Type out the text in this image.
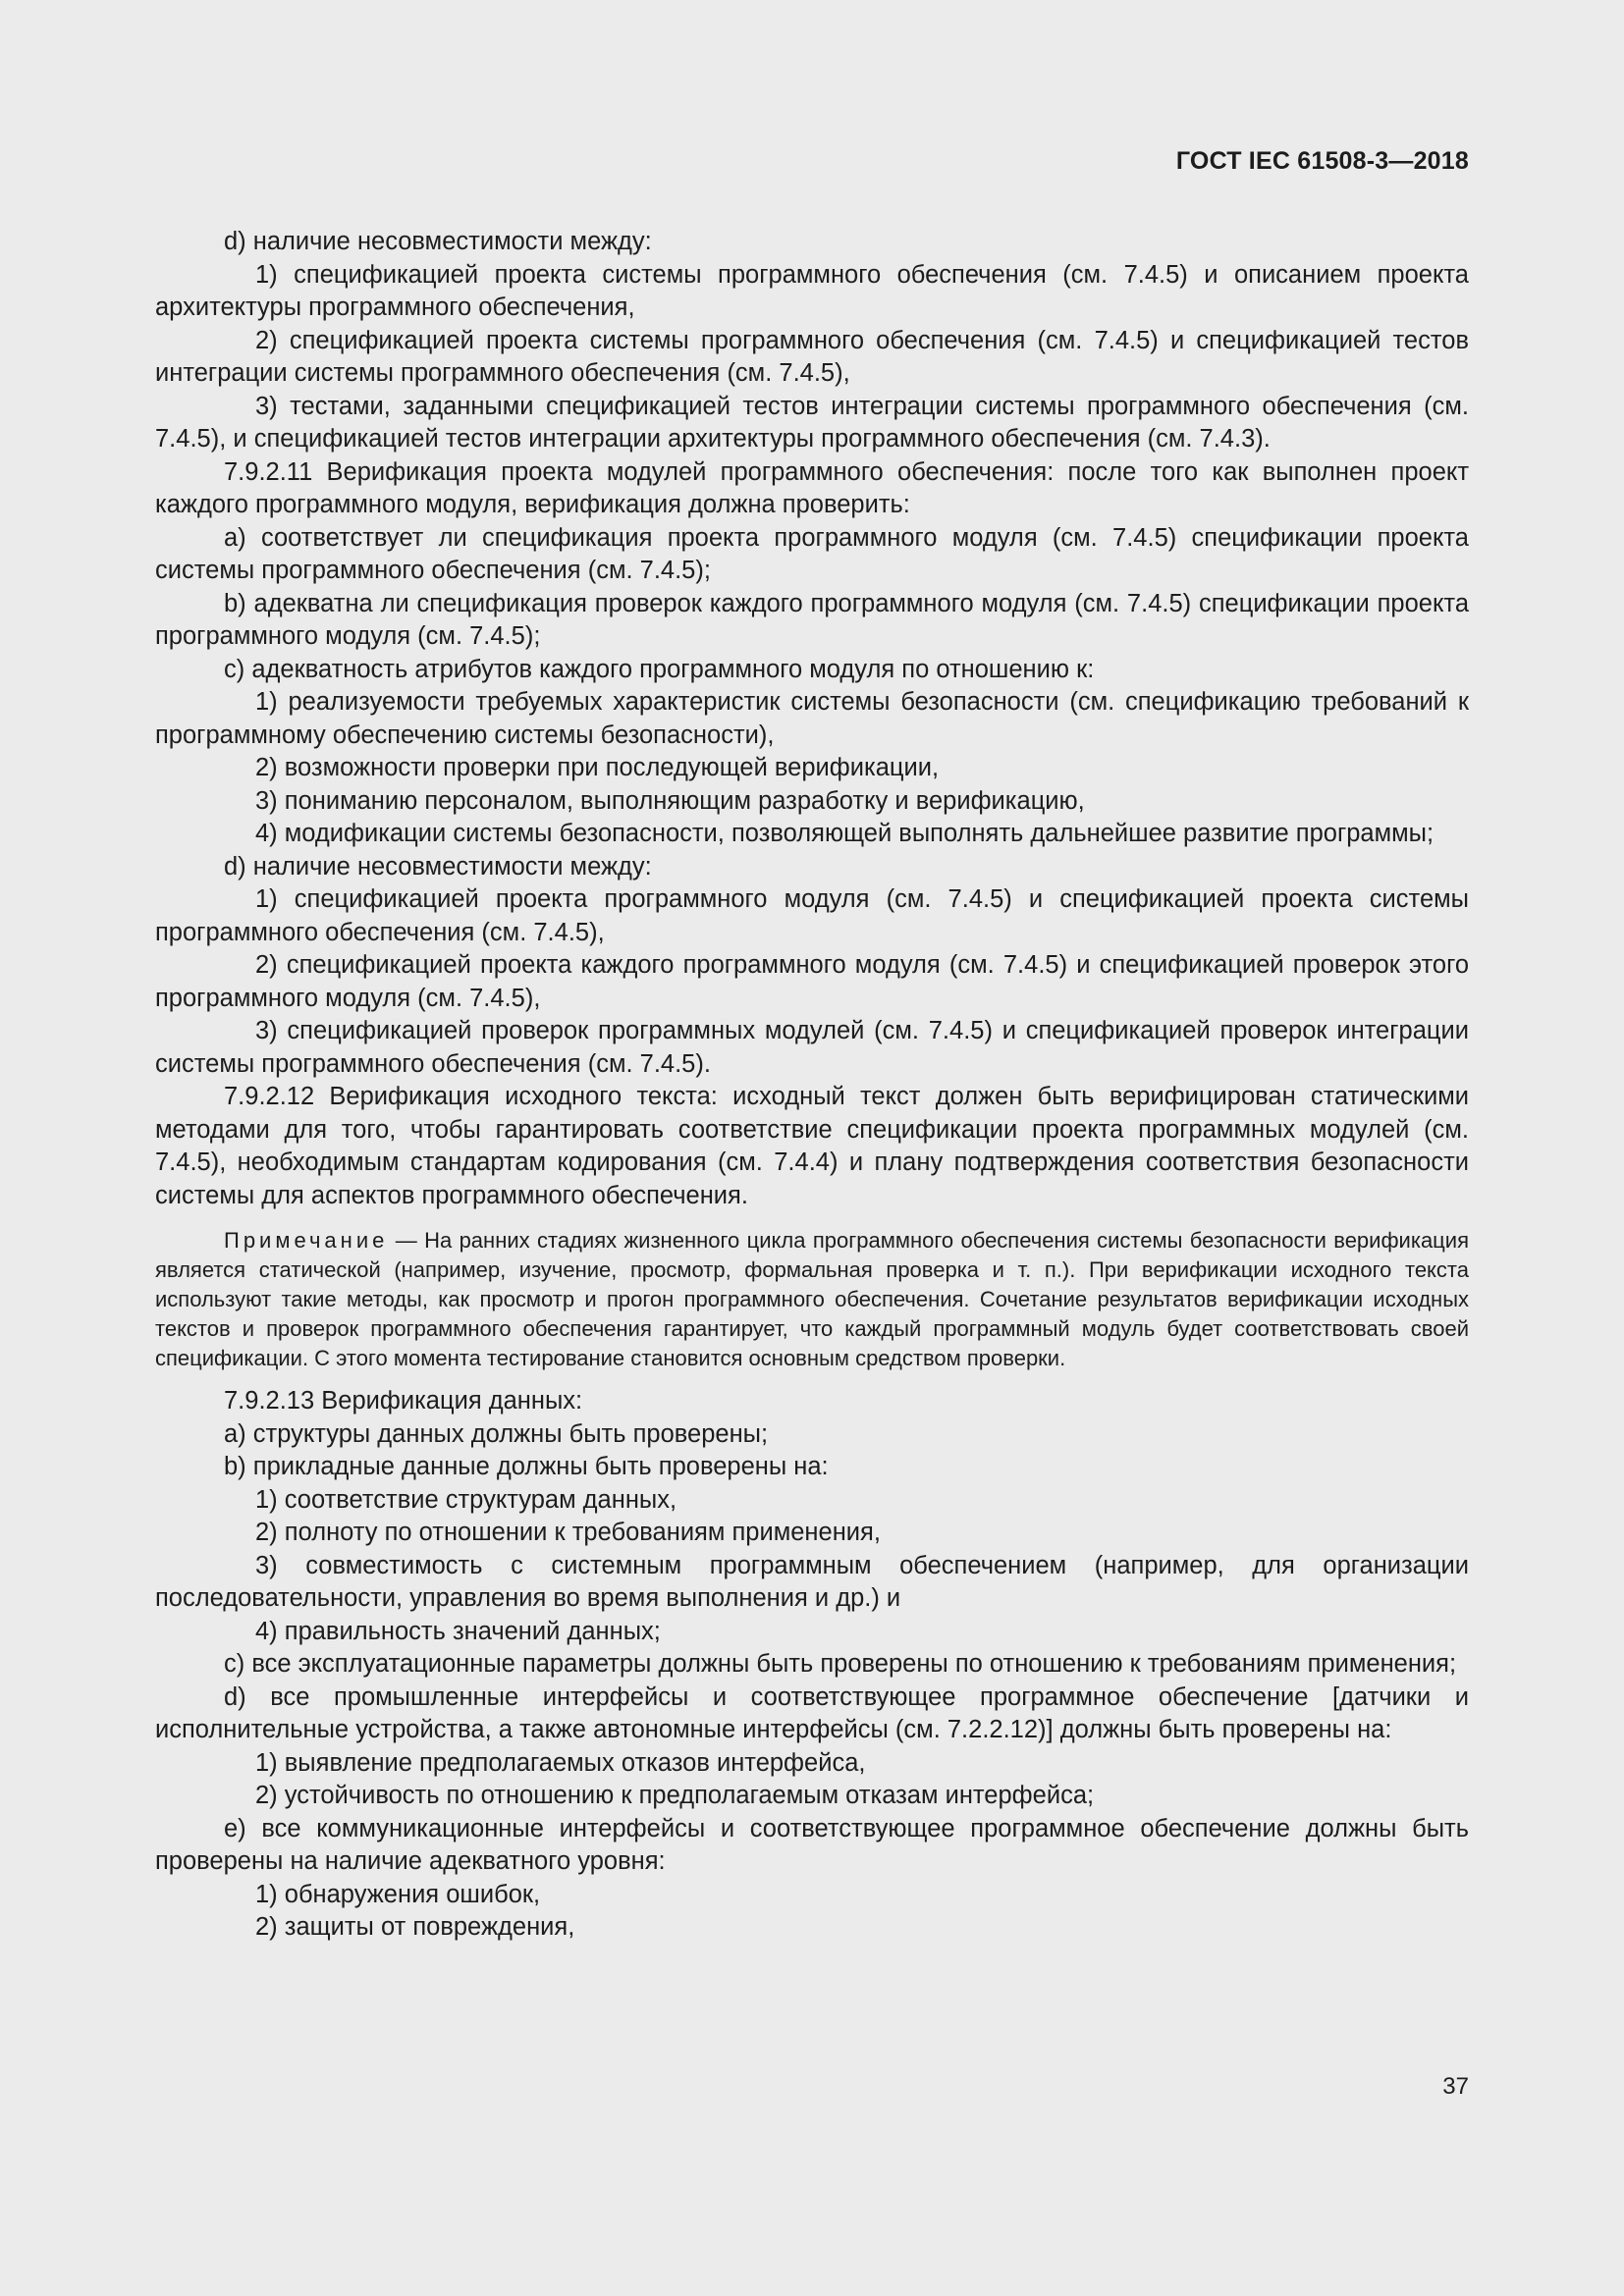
ГОСТ IEC 61508-3—2018

d) наличие несовместимости между:

1) спецификацией проекта системы программного обеспечения (см. 7.4.5) и описанием проекта архитектуры программного обеспечения,

2) спецификацией проекта системы программного обеспечения (см. 7.4.5) и спецификацией тестов интеграции системы программного обеспечения (см. 7.4.5),

3) тестами, заданными спецификацией тестов интеграции системы программного обеспечения (см. 7.4.5), и спецификацией тестов интеграции архитектуры программного обеспечения (см. 7.4.3).

7.9.2.11 Верификация проекта модулей программного обеспечения: после того как выполнен проект каждого программного модуля, верификация должна проверить:

a) соответствует ли спецификация проекта программного модуля (см. 7.4.5) спецификации проекта системы программного обеспечения (см. 7.4.5);

b) адекватна ли спецификация проверок каждого программного модуля (см. 7.4.5) спецификации проекта программного модуля (см. 7.4.5);

c) адекватность атрибутов каждого программного модуля по отношению к:

1) реализуемости требуемых характеристик системы безопасности (см. спецификацию требований к программному обеспечению системы безопасности),

2) возможности проверки при последующей верификации,

3) пониманию персоналом, выполняющим разработку и верификацию,

4) модификации системы безопасности, позволяющей выполнять дальнейшее развитие программы;

d) наличие несовместимости между:

1) спецификацией проекта программного модуля (см. 7.4.5) и спецификацией проекта системы программного обеспечения (см. 7.4.5),

2) спецификацией проекта каждого программного модуля (см. 7.4.5) и спецификацией проверок этого программного модуля (см. 7.4.5),

3) спецификацией проверок программных модулей (см. 7.4.5) и спецификацией проверок интеграции системы программного обеспечения (см. 7.4.5).

7.9.2.12 Верификация исходного текста: исходный текст должен быть верифицирован статическими методами для того, чтобы гарантировать соответствие спецификации проекта программных модулей (см. 7.4.5), необходимым стандартам кодирования (см. 7.4.4) и плану подтверждения соответствия безопасности системы для аспектов программного обеспечения.

Примечание — На ранних стадиях жизненного цикла программного обеспечения системы безопасности верификация является статической (например, изучение, просмотр, формальная проверка и т. п.). При верификации исходного текста используют такие методы, как просмотр и прогон программного обеспечения. Сочетание результатов верификации исходных текстов и проверок программного обеспечения гарантирует, что каждый программный модуль будет соответствовать своей спецификации. С этого момента тестирование становится основным средством проверки.

7.9.2.13 Верификация данных:

a) структуры данных должны быть проверены;

b) прикладные данные должны быть проверены на:

1) соответствие структурам данных,

2) полноту по отношении к требованиям применения,

3) совместимость с системным программным обеспечением (например, для организации последовательности, управления во время выполнения и др.) и

4) правильность значений данных;

c) все эксплуатационные параметры должны быть проверены по отношению к требованиям применения;

d) все промышленные интерфейсы и соответствующее программное обеспечение [датчики и исполнительные устройства, а также автономные интерфейсы (см. 7.2.2.12)] должны быть проверены на:

1) выявление предполагаемых отказов интерфейса,

2) устойчивость по отношению к предполагаемым отказам интерфейса;

e) все коммуникационные интерфейсы и соответствующее программное обеспечение должны быть проверены на наличие адекватного уровня:

1) обнаружения ошибок,

2) защиты от повреждения,

37
